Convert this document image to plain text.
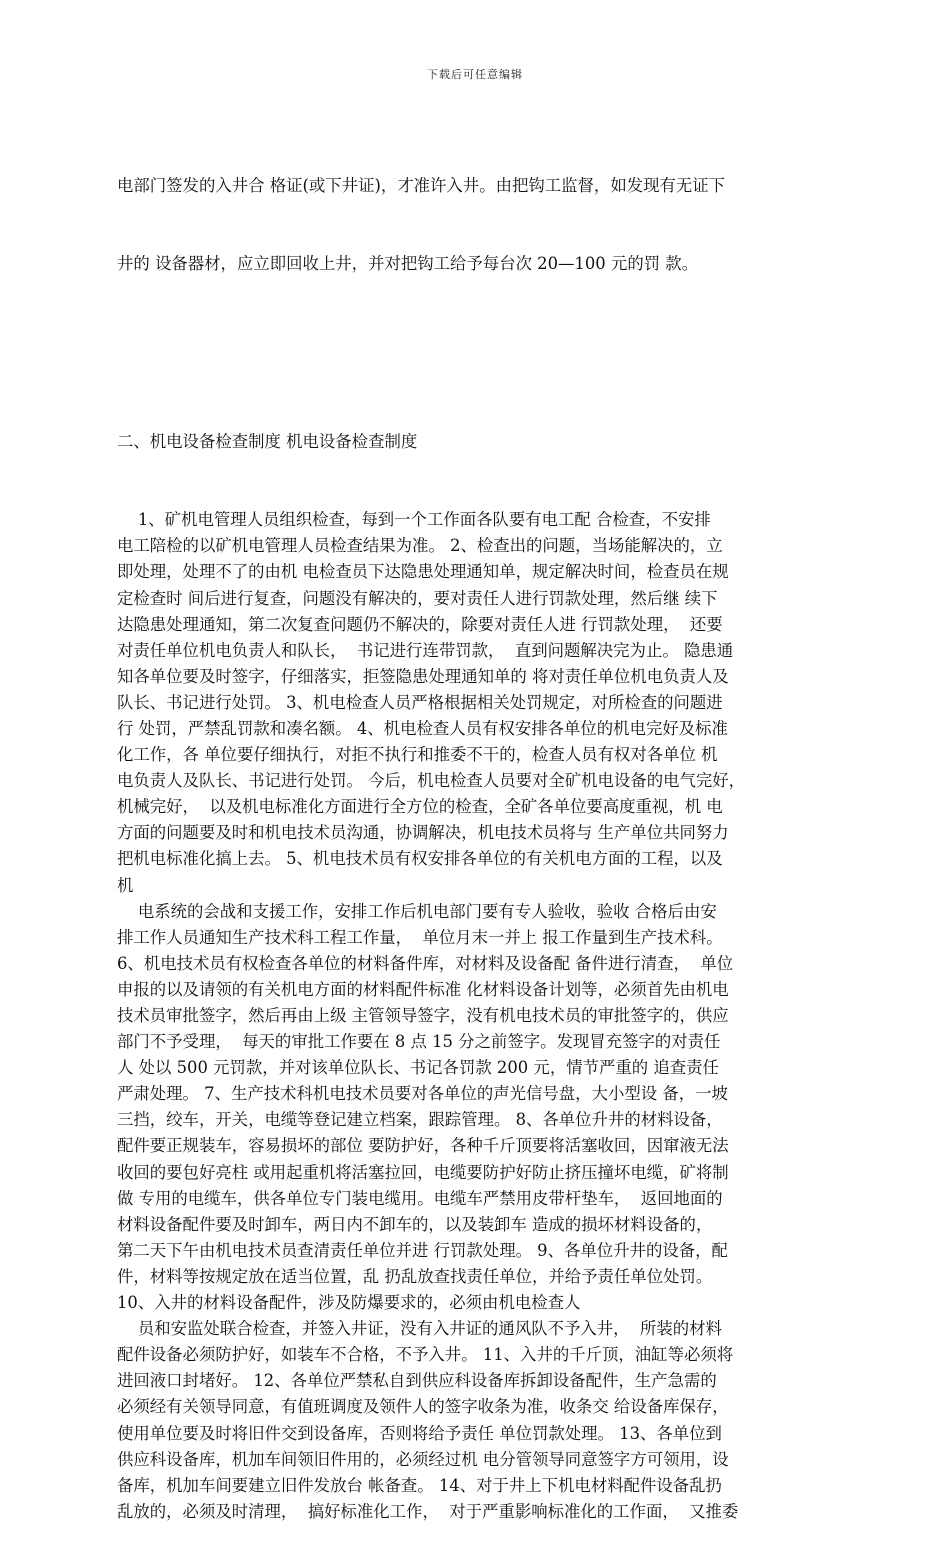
下载后可任意编辑

电部门签发的入井合 格证(或下井证)，才准许入井。由把钩工监督，如发现有无证下

井的 设备器材，应立即回收上井，并对把钩工给予每台次 20—100 元的罚 款。

二、机电设备检查制度 机电设备检查制度

1、矿机电管理人员组织检查，每到一个工作面各队要有电工配 合检查，不安排
电工陪检的以矿机电管理人员检查结果为准。 2、检查出的问题，当场能解决的，立
即处理，处理不了的由机 电检查员下达隐患处理通知单，规定解决时间，检查员在规
定检查时 间后进行复查，问题没有解决的，要对责任人进行罚款处理，然后继 续下
达隐患处理通知，第二次复查问题仍不解决的，除要对责任人进 行罚款处理，  还要
对责任单位机电负责人和队长，  书记进行连带罚款，  直到问题解决完为止。 隐患通
知各单位要及时签字，仔细落实，拒签隐患处理通知单的 将对责任单位机电负责人及
队长、书记进行处罚。 3、机电检查人员严格根据相关处罚规定，对所检查的问题进
行 处罚，严禁乱罚款和凑名额。 4、机电检查人员有权安排各单位的机电完好及标准
化工作，各 单位要仔细执行，对拒不执行和推委不干的，检查人员有权对各单位 机
电负责人及队长、书记进行处罚。 今后，机电检查人员要对全矿机电设备的电气完好，
机械完好，  以及机电标准化方面进行全方位的检查，全矿各单位要高度重视，机 电
方面的问题要及时和机电技术员沟通，协调解决，机电技术员将与 生产单位共同努力
把机电标准化搞上去。 5、机电技术员有权安排各单位的有关机电方面的工程，以及
机
电系统的会战和支援工作，安排工作后机电部门要有专人验收，验收 合格后由安
排工作人员通知生产技术科工程工作量，  单位月末一并上 报工作量到生产技术科。
6、机电技术员有权检查各单位的材料备件库，对材料及设备配 备件进行清查，  单位
申报的以及请领的有关机电方面的材料配件标准 化材料设备计划等，必须首先由机电
技术员审批签字，然后再由上级 主管领导签字，没有机电技术员的审批签字的，供应
部门不予受理，  每天的审批工作要在 8 点 15 分之前签字。发现冒充签字的对责任
人 处以 500 元罚款，并对该单位队长、书记各罚款 200 元，情节严重的 追查责任
严肃处理。 7、生产技术科机电技术员要对各单位的声光信号盘，大小型设 备，一坡
三挡，绞车，开关，电缆等登记建立档案，跟踪管理。 8、各单位升井的材料设备，
配件要正规装车，容易损坏的部位 要防护好，各种千斤顶要将活塞收回，因窜液无法
收回的要包好亮柱 或用起重机将活塞拉回，电缆要防护好防止挤压撞坏电缆，矿将制
做 专用的电缆车，供各单位专门装电缆用。电缆车严禁用皮带杆垫车，  返回地面的
材料设备配件要及时卸车，两日内不卸车的，以及装卸车 造成的损坏材料设备的，
第二天下午由机电技术员查清责任单位并进 行罚款处理。 9、各单位升井的设备，配
件，材料等按规定放在适当位置，乱 扔乱放查找责任单位，并给予责任单位处罚。
10、入井的材料设备配件，涉及防爆要求的，必须由机电检查人
员和安监处联合检查，并签入井证，没有入井证的通风队不予入井，  所装的材料
配件设备必须防护好，如装车不合格，不予入井。 11、入井的千斤顶，油缸等必须将
进回液口封堵好。 12、各单位严禁私自到供应科设备库拆卸设备配件，生产急需的
必须经有关领导同意，有值班调度及领件人的签字收条为准，收条交 给设备库保存，
使用单位要及时将旧件交到设备库，否则将给予责任 单位罚款处理。 13、各单位到
供应科设备库，机加车间领旧件用的，必须经过机 电分管领导同意签字方可领用，设
备库，机加车间要建立旧件发放台 帐备查。 14、对于井上下机电材料配件设备乱扔
乱放的，必须及时清理，  搞好标准化工作，  对于严重影响标准化的工作面，  又推委
